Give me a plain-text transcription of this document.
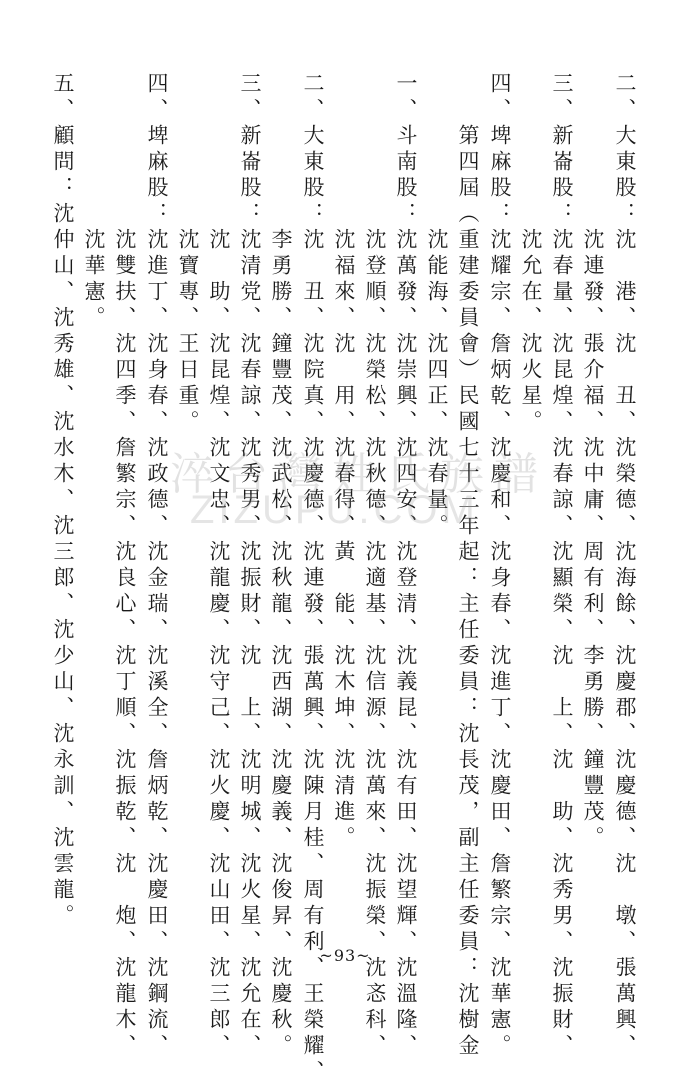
二、大東股：沈　港、沈　丑、沈榮德、沈海餘、沈慶郡、沈慶德、沈　墩、張萬興、
　　　　　　沈連發、張介福、沈中庸、周有利、李勇勝、鐘豐茂。
三、新崙股：沈春量、沈昆煌、沈春諒、沈顯榮、沈　上、沈　助、沈秀男、沈振財、
　　　　　　沈允在、沈火星。
四、埤麻股：沈耀宗、詹炳乾、沈慶和、沈身春、沈進丁、沈慶田、詹繁宗、沈華憲。
　　第四屆（重建委員會）民國七十三年起：主任委員：沈長茂，副主任委員：沈樹金
　　　　　　沈能海、沈四正、沈春量。
一、斗南股：沈萬發、沈崇興、沈四安、沈登清、沈義昆、沈有田、沈望輝、沈溫隆、
　　　　　　沈登順、沈榮松、沈秋德、沈適基、沈信源、沈萬來、沈振榮、沈忞科、
　　　　　　沈福來、沈　用、沈春得、黃　能、沈木坤、沈清進。
二、大東股：沈　丑、沈院真、沈慶德、沈連發、張萬興、沈陳月桂、周有利、王榮耀、
　　　　　　李勇勝、鐘豐茂、沈武松、沈秋龍、沈西湖、沈慶義、沈俊昇、沈慶秋。
三、新崙股：沈清党、沈春諒、沈秀男、沈振財、沈　上、沈明城、沈火星、沈允在、
　　　　　　沈　助、沈昆煌、沈文忠、沈龍慶、沈守己、沈火慶、沈山田、沈三郎、
　　　　　　沈寶專、王日重。
四、埤麻股：沈進丁、沈身春、沈政德、沈金瑞、沈溪全、詹炳乾、沈慶田、沈鋼流、
　　　　　　沈雙扶、沈四季、詹繁宗、沈良心、沈丁順、沈振乾、沈　炮、沈龍木、
　　　　　　沈華憲。
五、顧問：沈仲山、沈秀雄、沈水木、沈三郎、沈少山、沈永訓、沈雲龍。 淬台灣姓氏族譜
ZIZUPU.COM
~93~
